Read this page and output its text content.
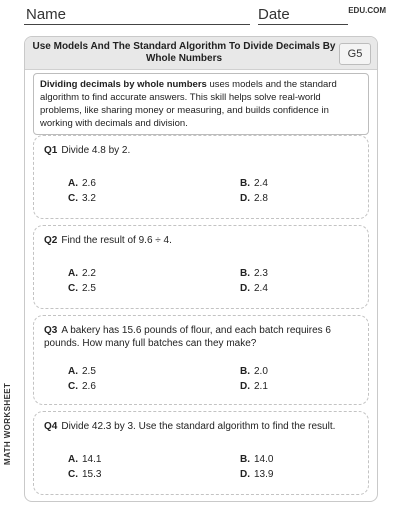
Name	Date	EDU.COM
MATH WORKSHEET
Use Models And The Standard Algorithm To Divide Decimals By Whole Numbers	G5
Dividing decimals by whole numbers uses models and the standard algorithm to find accurate answers. This skill helps solve real-world problems, like sharing money or measuring, and builds confidence in working with decimals and division.
Q1 Divide 4.8 by 2.
A. 2.6	B. 2.4
C. 3.2	D. 2.8
Q2 Find the result of 9.6 ÷ 4.
A. 2.2	B. 2.3
C. 2.5	D. 2.4
Q3 A bakery has 15.6 pounds of flour, and each batch requires 6 pounds. How many full batches can they make?
A. 2.5	B. 2.0
C. 2.6	D. 2.1
Q4 Divide 42.3 by 3. Use the standard algorithm to find the result.
A. 14.1	B. 14.0
C. 15.3	D. 13.9
